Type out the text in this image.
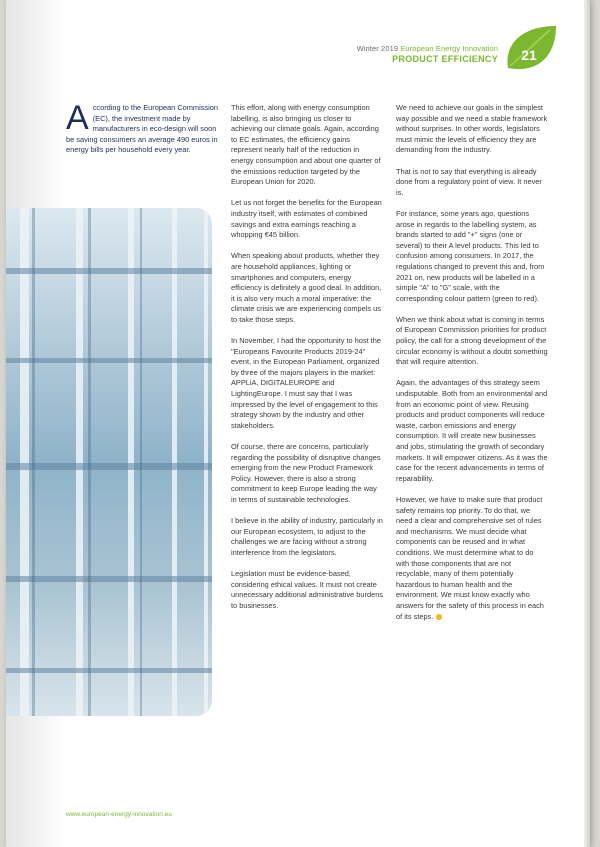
Winter 2019 European Energy Innovation
PRODUCT EFFICIENCY	21

According to the European Commission (EC), the investment made by manufacturers in eco-design will soon be saving consumers an average 490 euros in energy bills per household every year.

This effort, along with energy consumption labelling, is also bringing us closer to achieving our climate goals. Again, according to EC estimates, the efficiency gains represent nearly half of the reduction in energy consumption and about one quarter of the emissions reduction targeted by the European Union for 2020.

Let us not forget the benefits for the European industry itself, with estimates of combined savings and extra earnings reaching a whopping €45 billion.

When speaking about products, whether they are household appliances, lighting or smartphones and computers, energy efficiency is definitely a good deal. In addition, it is also very much a moral imperative: the climate crisis we are experiencing compels us to take those steps.

In November, I had the opportunity to host the "Europeans Favourite Products 2019-24" event, in the European Parliament, organized by three of the majors players in the market: APPLiA, DIGITALEUROPE and LightingEurope. I must say that I was impressed by the level of engagement to this strategy shown by the industry and other stakeholders.

Of course, there are concerns, particularly regarding the possibility of disruptive changes emerging from the new Product Framework Policy. However, there is also a strong commitment to keep Europe leading the way in terms of sustainable technologies.

I believe in the ability of industry, particularly in our European ecosystem, to adjust to the challenges we are facing without a strong interference from the legislators.

Legislation must be evidence-based, considering ethical values. It must not create unnecessary additional administrative burdens to businesses.

We need to achieve our goals in the simplest way possible and we need a stable framework without surprises. In other words, legislators must mimic the levels of efficiency they are demanding from the industry.

That is not to say that everything is already done from a regulatory point of view. It never is.

For instance, some years ago, questions arose in regards to the labelling system, as brands started to add "+" signs (one or several) to their A level products. This led to confusion among consumers. In 2017, the regulations changed to prevent this and, from 2021 on, new products will be labelled in a simple "A" to "G" scale, with the corresponding colour pattern (green to red).

When we think about what is coming in terms of European Commission priorities for product policy, the call for a strong development of the circular economy is without a doubt something that will require attention.

Again, the advantages of this strategy seem undisputable. Both from an environmental and from an economic point of view. Reusing products and product components will reduce waste, carbon emissions and energy consumption. It will create new businesses and jobs, stimulating the growth of secondary markets. It will empower citizens. As it was the case for the recent advancements in terms of reparability.

However, we have to make sure that product safety remains top priority. To do that, we need a clear and comprehensive set of rules and mechanisms. We must decide what components can be reused and in what conditions. We must determine what to do with those components that are not recyclable, many of them potentially hazardous to human health and the environment. We must know exactly who answers for the safety of this process in each of its steps.

www.european-energy-innovation.eu
